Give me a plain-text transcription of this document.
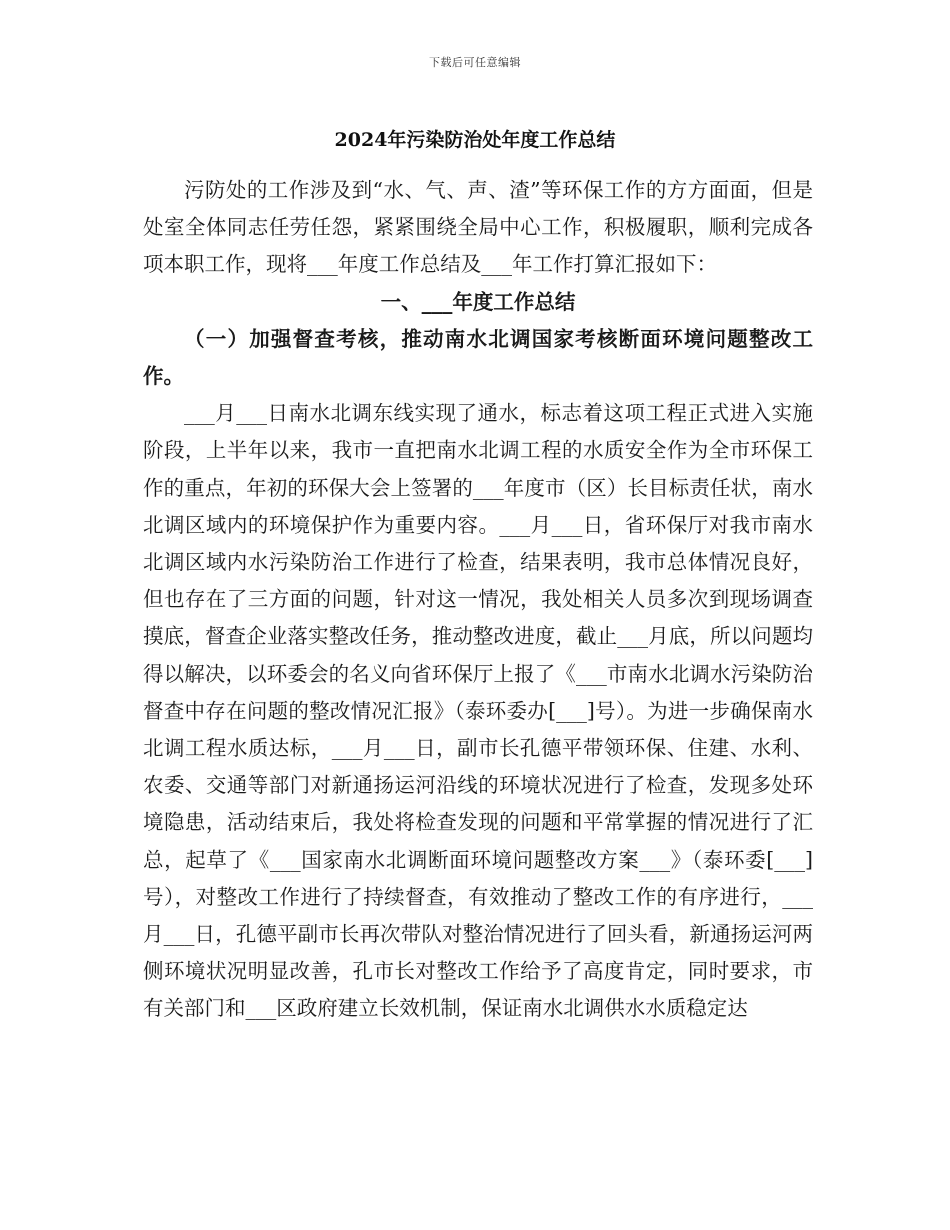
下载后可任意编辑
2024年污染防治处年度工作总结

污防处的工作涉及到“水、气、声、渣”等环保工作的方方面面，但是处室全体同志任劳任怨，紧紧围绕全局中心工作，积极履职，顺利完成各项本职工作，现将___年度工作总结及___年工作打算汇报如下：

一、___年度工作总结

（一）加强督查考核，推动南水北调国家考核断面环境问题整改工作。

___月___日南水北调东线实现了通水，标志着这项工程正式进入实施阶段，上半年以来，我市一直把南水北调工程的水质安全作为全市环保工作的重点，年初的环保大会上签署的___年度市（区）长目标责任状，南水北调区域内的环境保护作为重要内容。___月___日，省环保厅对我市南水北调区域内水污染防治工作进行了检查，结果表明，我市总体情况良好，但也存在了三方面的问题，针对这一情况，我处相关人员多次到现场调查摸底，督查企业落实整改任务，推动整改进度，截止___月底，所以问题均得以解决，以环委会的名义向省环保厅上报了《___市南水北调水污染防治督查中存在问题的整改情况汇报》（泰环委办[___]号）。为进一步确保南水北调工程水质达标，___月___日，副市长孔德平带领环保、住建、水利、农委、交通等部门对新通扬运河沿线的环境状况进行了检查，发现多处环境隐患，活动结束后，我处将检查发现的问题和平常掌握的情况进行了汇总，起草了《___国家南水北调断面环境问题整改方案___》（泰环委[___]号），对整改工作进行了持续督查，有效推动了整改工作的有序进行，___月___日，孔德平副市长再次带队对整治情况进行了回头看，新通扬运河两侧环境状况明显改善，孔市长对整改工作给予了高度肯定，同时要求，市有关部门和___区政府建立长效机制，保证南水北调供水水质稳定达
